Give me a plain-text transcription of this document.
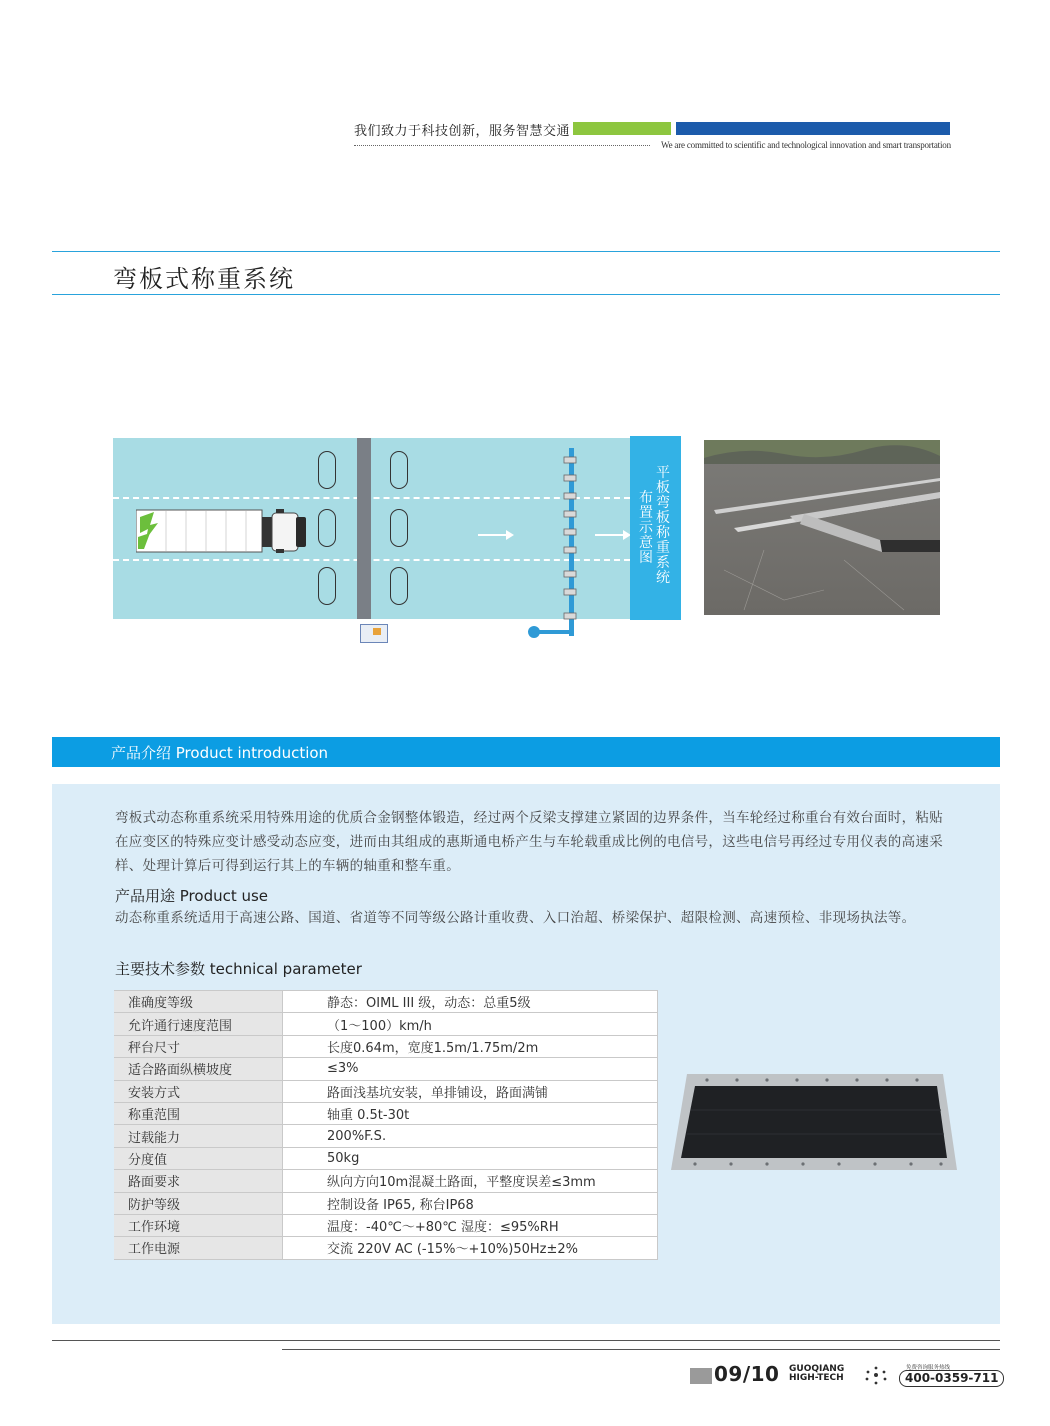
我们致力于科技创新，服务智慧交通
We are committed to scientific and technological innovation and smart transportation
弯板式称重系统
平板弯板称重系统
布置示意图
产品介绍 Product introduction
弯板式动态称重系统采用特殊用途的优质合金钢整体锻造，经过两个反梁支撑建立紧固的边界条件，当车轮经过称重台有效台面时，粘贴在应变区的特殊应变计感受动态应变，进而由其组成的惠斯通电桥产生与车轮载重成比例的电信号，这些电信号再经过专用仪表的高速采样、处理计算后可得到运行其上的车辆的轴重和整车重。
产品用途 Product use
动态称重系统适用于高速公路、国道、省道等不同等级公路计重收费、入口治超、桥梁保护、超限检测、高速预检、非现场执法等。
主要技术参数 technical parameter
准确度等级	静态：OIML III 级，动态：总重5级
允许通行速度范围	（1～100）km/h
秤台尺寸	长度0.64m，宽度1.5m/1.75m/2m
适合路面纵横坡度	≤3%
安装方式	路面浅基坑安装，单排铺设，路面满铺
称重范围	轴重 0.5t-30t
过载能力	200%F.S.
分度值	50kg
路面要求	纵向方向10m混凝土路面，平整度误差≤3mm
防护等级	控制设备 IP65, 称台IP68
工作环境	温度：-40℃～+80℃ 湿度：≤95%RH
工作电源	交流 220V AC (-15%～+10%)50Hz±2%
09/10 GUOQIANG
HIGH-TECH
免费咨询服务热线
400-0359-711
